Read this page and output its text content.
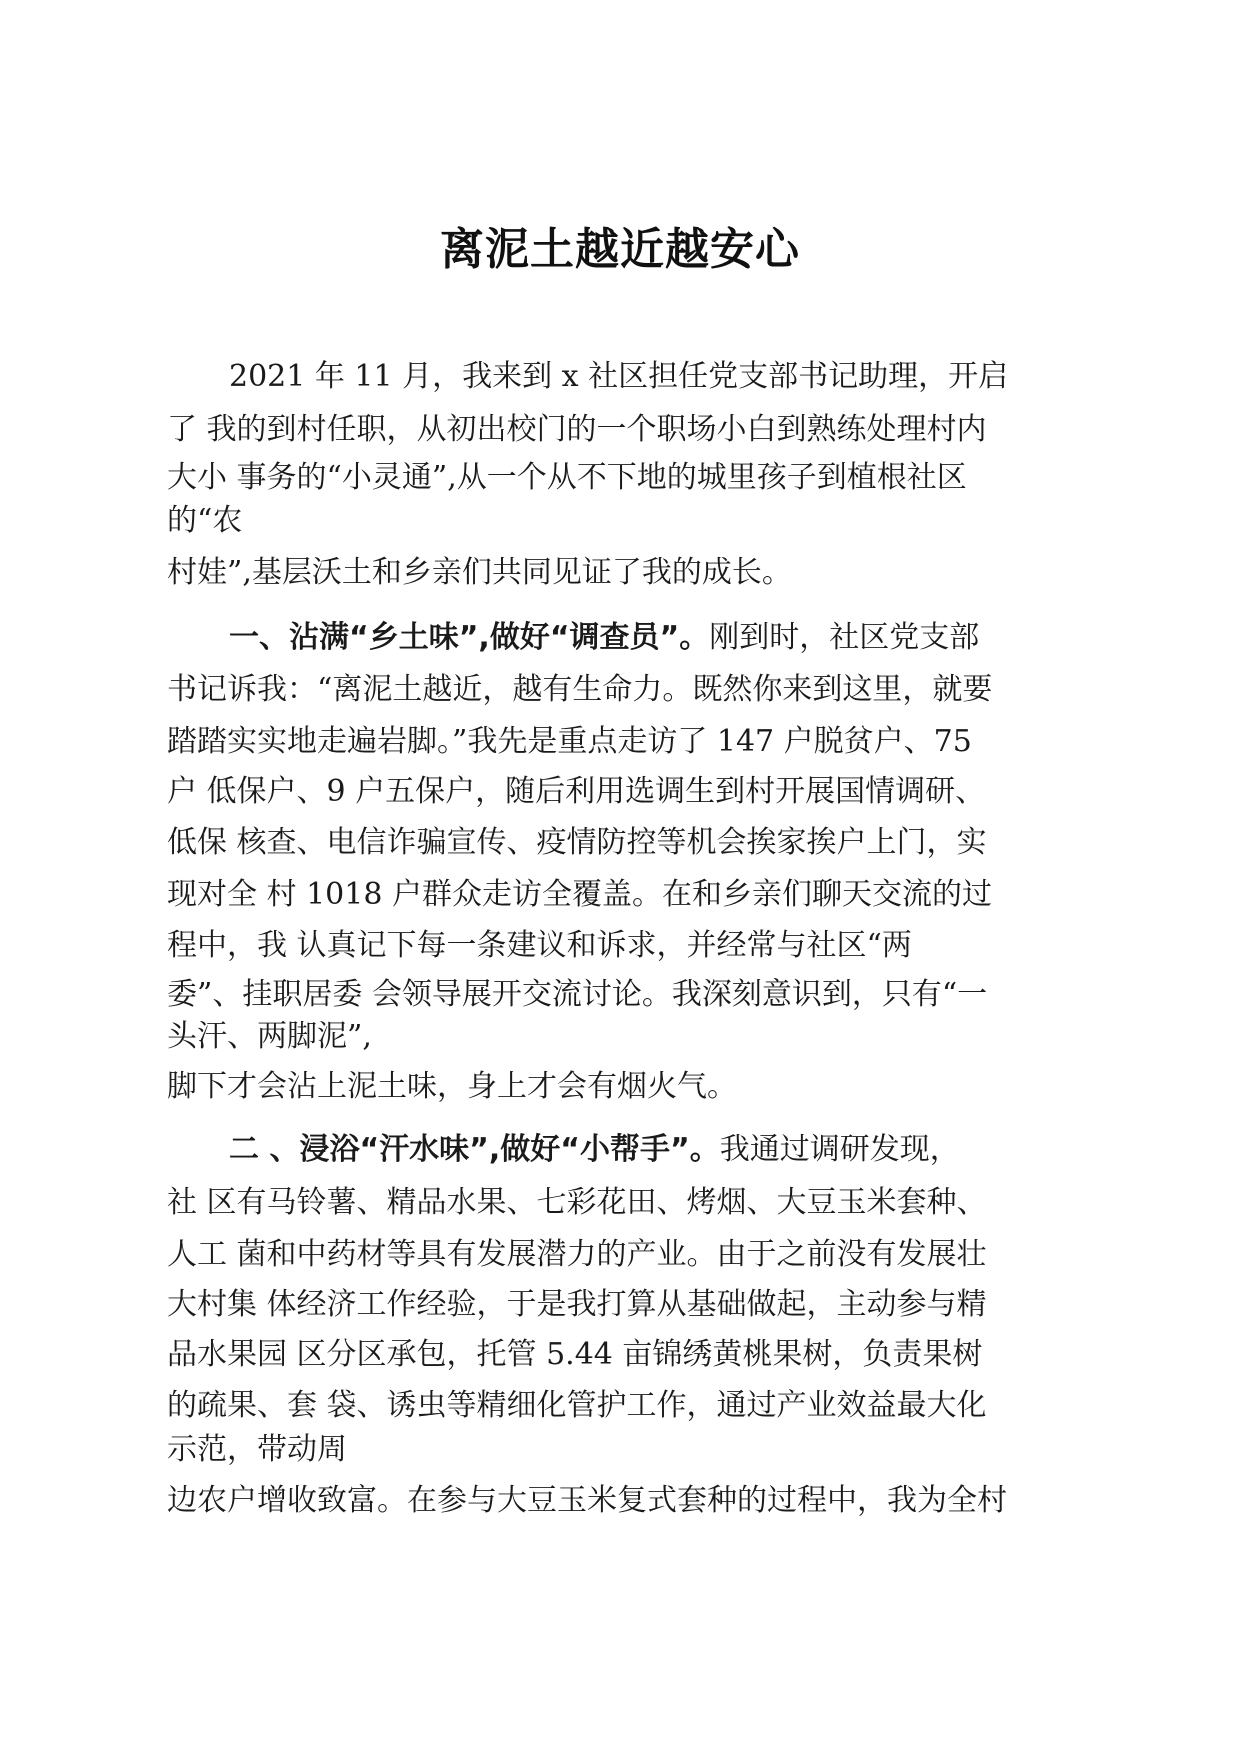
离泥土越近越安心
2021 年 11 月，我来到 x 社区担任党支部书记助理，开启
了 我的到村任职，从初出校门的一个职场小白到熟练处理村内
大小 事务的“小灵通”,从一个从不下地的城里孩子到植根社区
的“农
村娃”,基层沃土和乡亲们共同见证了我的成长。
一、沾满“乡土味”,做好“调查员”。刚到时，社区党支部
书记诉我：“离泥土越近，越有生命力。既然你来到这里，就要
踏踏实实地走遍岩脚。”我先是重点走访了 147 户脱贫户、75
户 低保户、9 户五保户，随后利用选调生到村开展国情调研、
低保 核查、电信诈骗宣传、疫情防控等机会挨家挨户上门，实
现对全 村 1018 户群众走访全覆盖。在和乡亲们聊天交流的过
程中，我 认真记下每一条建议和诉求，并经常与社区“两
委”、挂职居委 会领导展开交流讨论。我深刻意识到，只有“一
头汗、两脚泥”,
脚下才会沾上泥土味，身上才会有烟火气。
二 、浸浴“汗水味”,做好“小帮手”。我通过调研发现，
社 区有马铃薯、精品水果、七彩花田、烤烟、大豆玉米套种、
人工 菌和中药材等具有发展潜力的产业。由于之前没有发展壮
大村集 体经济工作经验，于是我打算从基础做起，主动参与精
品水果园 区分区承包，托管 5.44 亩锦绣黄桃果树，负责果树
的疏果、套 袋、诱虫等精细化管护工作，通过产业效益最大化
示范，带动周
边农户增收致富。在参与大豆玉米复式套种的过程中，我为全村
